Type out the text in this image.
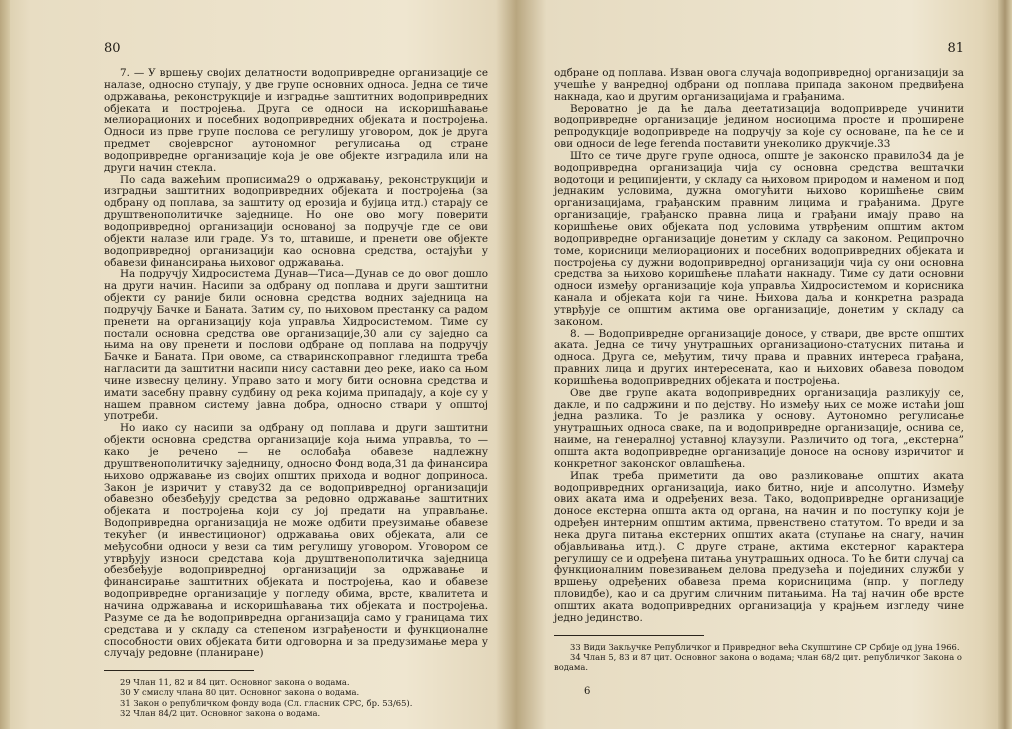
80

7. — У вршењу својих делатности водопривредне организације се налазе, односно ступају, у две групе основних односа. Једна се тиче одржавања, реконструкције и изградње заштитних водопривредних објеката и постројења. Друга се односи на искоришћавање мелиорационих и посебних водопривредних објеката и постројења. Односи из прве групе послова се регулишу уговором, док је друга предмет својеврсног аутономног регулисања од стране водопривредне организације која је ове објекте изградила или на други начин стекла.

По сада важећим прописима29 о одржавању, реконструкцији и изградњи заштитних водопривредних објеката и постројења (за одбрану од поплава, за заштиту од ерозија и бујица итд.) старају се друштвенополитичке заједнице. Но оне ово могу поверити водопривредној организацији основаној за подручје где се ови објекти налазе или граде. Уз то, штавише, и пренети ове објекте водопривредној организацији као основна средства, остајући у обавези финансирања њиховог одржавања.

На подручју Хидросистема Дунав—Тиса—Дунав се до овог дошло на други начин. Насипи за одбрану од поплава и други заштитни објекти су раније били основна средства водних заједница на подручју Бачке и Баната. Затим су, по њиховом престанку са радом пренети на организацију која управља Хидросистемом. Тиме су постали основна средства ове организације,30 али су заједно са њима на ову пренети и послови одбране од поплава на подручју Бачке и Баната. При овоме, са стваринскоправног гледишта треба нагласити да заштитни насипи нису саставни део реке, иако са њом чине извесну целину. Управо зато и могу бити основна средства и имати засебну правну судбину од река којима припадају, а које су у нашем правном систему јавна добра, односно ствари у општој употреби.

Но иако су насипи за одбрану од поплава и други заштитни објекти основна средства организације која њима управља, то — како је речено — не ослобађа обавезе надлежну друштвенополитичку заједницу, односно Фонд вода,31 да финансира њихово одржавање из својих општих прихода и водног доприноса. Закон је изричит у ставу32 да се водопривредној организацији обавезно обезбеђују средства за редовно одржавање заштитних објеката и постројења који су јој предати на управљање. Водопривредна организација не може одбити преузимање обавезе текућег (и инвестиционог) одржавања ових објеката, али се међусобни односи у вези са тим регулишу уговором. Уговором се утврђују износи средстава која друштвенополитичка заједница обезбеђује водопривредној организацији за одржавање и финансирање заштитних објеката и постројења, као и обавезе водопривредне организације у погледу обима, врсте, квалитета и начина одржавања и искоришћавања тих објеката и постројења. Разуме се да ће водопривредна организација само у границама тих средстава и у складу са степеном изграђености и функционалне способности ових објеката бити одговорна и за предузимање мера у случају редовне (планиране)

29 Члан 11, 82 и 84 цит. Основног закона о водама.
30 У смислу члана 80 цит. Основног закона о водама.
31 Закон о републичком фонду вода (Сл. гласник СРС, бр. 53/65).
32 Члан 84/2 цит. Основног закона о водама.
81

одбране од поплава. Изван овога случаја водопривредној организацији за учешће у ванредној одбрани од поплава припада законом предвиђена накнада, као и другим организацијама и грађанима.

Вероватно је да ће даља деетатизација водопривреде учинити водопривредне организације једином носиоцима просте и проширене репродукције водопривреде на подручју за које су основане, па ће се и ови односи de lege ferenda поставити унеколико друкчије.33

Што се тиче друге групе односа, опште је законско правило34 да је водопривредна организација чија су основна средства вештачки водотоци и реципијенти, у складу са њиховом природом и наменом и под једнаким условима, дужна омогућити њихово коришћење свим организацијама, грађанским правним лицима и грађанима. Друге организације, грађанско правна лица и грађани имају право на коришћење ових објеката под условима утврђеним општим актом водопривредне организације донетим у складу са законом. Реципрочно томе, корисници мелиорационих и посебних водопривредних објеката и постројења су дужни водопривредној организацији чија су они основна средства за њихово коришћење плаћати накнаду. Тиме су дати основни односи између организације која управља Хидросистемом и корисника канала и објеката који га чине. Њихова даља и конкретна разрада утврђује се општим актима ове организације, донетим у складу са законом.

8. — Водопривредне организације доносе, у ствари, две врсте општих аката. Једна се тичу унутрашњих организационо-статусних питања и односа. Друга се, међутим, тичу права и правних интереса грађана, правних лица и других интересената, као и њихових обавеза поводом коришћења водопривредних објеката и постројења.

Ове две групе аката водопривредних организација разликују се, дакле, и по садржини и по дејству. Но између њих се може истаћи још једна разлика. То је разлика у основу. Аутономно регулисање унутрашњих односа сваке, па и водопривредне организације, оснива се, наиме, на генералној уставној клаузули. Различито од тога, „екстерна” општа акта водопривредне организације доносе на основу изричитог и конкретног законског овлашћења.

Ипак треба приметити да ово разликовање општих аката водопривредних организација, иако битно, није и апсолутно. Између ових аката има и одређених веза. Тако, водопривредне организације доносе екстерна општа акта од органа, на начин и по поступку који је одређен интерним општим актима, првенствено статутом. То вреди и за нека друга питања екстерних општих аката (ступање на снагу, начин објављивања итд.). С друге стране, актима екстерног карактера регулишу се и одређена питања унутрашњих односа. То ће бити случај са функционалним повезивањем делова предузећа и појединих служби у вршењу одређених обавеза према корисницима (нпр. у погледу пловидбе), као и са другим сличним питањима. На тај начин обе врсте општих аката водопривредних организација у крајњем изгледу чине једно јединство.

33 Види Закључке Републичког и Привредног већа Скупштине СР Србије од јуна 1966.
34 Члан 5, 83 и 87 цит. Основног закона о водама; члан 68/2 цит. републичког Закона о водама.
6
